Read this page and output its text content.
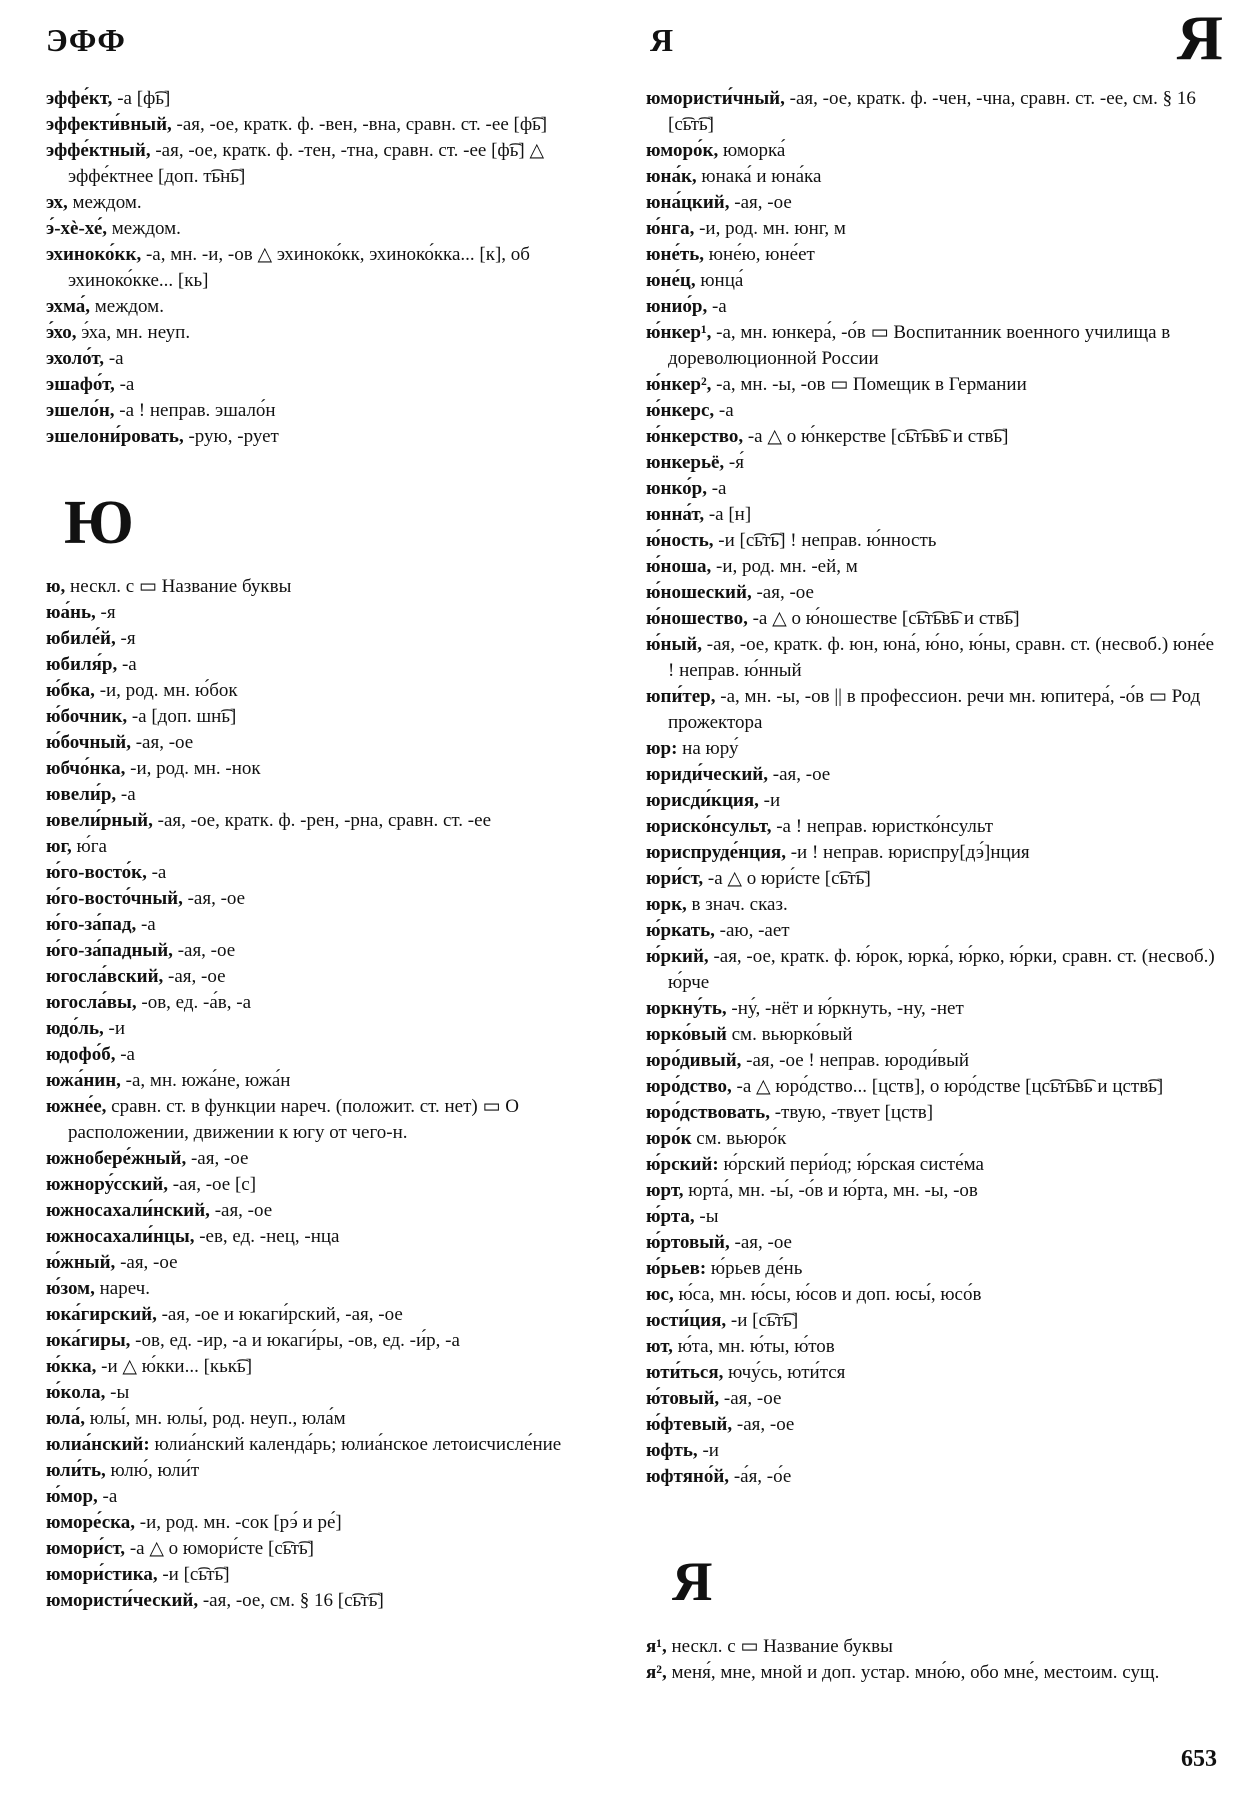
ЭФФ	Я	Я
эффе́кт, -а [ф͡ь]
эффекти́вный, -ая, -ое, кратк. ф. -вен, -вна, сравн. ст. -ее [ф͡ь]
эффе́ктный, -ая, -ое, кратк. ф. -тен, -тна, сравн. ст. -ее [ф͡ь] △ эффе́ктнее [доп. т͡ьн͡ь]
эх, междом.
э́-хѐ-хе́, междом.
эхиноко́кк, -а, мн. -и, -ов △ эхиноко́кк, эхиноко́кка... [к], об эхиноко́кке... [кь]
эхма́, междом.
э́хо, э́ха, мн. неуп.
эхоло́т, -а
эшафо́т, -а
эшело́н, -а ! неправ. эшало́н
эшелони́ровать, -рую, -рует
Ю
ю, нескл. с ▭ Название буквы
юа́нь, -я
юбиле́й, -я
юбиля́р, -а
ю́бка, -и, род. мн. ю́бок
ю́бочник, -а [доп. шн͡ь]
ю́бочный, -ая, -ое
юбчо́нка, -и, род. мн. -нок
ювели́р, -а
ювели́рный, -ая, -ое, кратк. ф. -рен, -рна, сравн. ст. -ее
юг, ю́га
ю́го-восто́к, -а
ю́го-восто́чный, -ая, -ое
ю́го-за́пад, -а
ю́го-за́падный, -ая, -ое
югосла́вский, -ая, -ое
югосла́вы, -ов, ед. -а́в, -а
юдо́ль, -и
юдофо́б, -а
южа́нин, -а, мн. южа́не, южа́н
южне́е, сравн. ст. в функции нареч. (положит. ст. нет) ▭ О расположении, движении к югу от чего-н.
южнобере́жный, -ая, -ое
южнору́сский, -ая, -ое [с]
южносахали́нский, -ая, -ое
южносахали́нцы, -ев, ед. -нец, -нца
ю́жный, -ая, -ое
ю́зом, нареч.
юка́гирский, -ая, -ое и юкаги́рский, -ая, -ое
юка́гиры, -ов, ед. -ир, -а и юкаги́ры, -ов, ед. -и́р, -а
ю́кка, -и △ ю́кки... [кьк͡ь]
ю́кола, -ы
юла́, юлы́, мн. юлы́, род. неуп., юла́м
юлиа́нский: юлиа́нский календа́рь; юлиа́нское летоисчисле́ние
юли́ть, юлю́, юли́т
ю́мор, -а
юмоpе́ска, -и, род. мн. -сок [рэ́ и ре́]
юмори́ст, -а △ о юмори́сте [с͡ьт͡ь]
юмори́стика, -и [с͡ьт͡ь]
юмористи́ческий, -ая, -ое, см. § 16 [с͡ьт͡ь]
юмористи́чный, -ая, -ое, кратк. ф. -чен, -чна, сравн. ст. -ее, см. § 16 [с͡ьт͡ь]
юморо́к, юморка́
юна́к, юнака́ и юна́ка
юна́цкий, -ая, -ое
ю́нга, -и, род. мн. юнг, м
юне́ть, юне́ю, юне́ет
юне́ц, юнца́
юнио́р, -а
ю́нкер¹, -а, мн. юнкера́, -о́в ▭ Воспитанник военного училища в дореволюционной России
ю́нкер², -а, мн. -ы, -ов ▭ Помещик в Германии
ю́нкерс, -а
ю́нкерство, -а △ о ю́нкерстве [с͡ьт͡ьв͡ь и ств͡ь]
юнкерьё, -я́
юнко́р, -а
юнна́т, -а [н]
ю́ность, -и [с͡ьт͡ь] ! неправ. ю́нность
ю́ноша, -и, род. мн. -ей, м
ю́ношеский, -ая, -ое
ю́ношество, -а △ о ю́ношестве [с͡ьт͡ьв͡ь и ств͡ь]
ю́ный, -ая, -ое, кратк. ф. юн, юна́, ю́но, ю́ны, сравн. ст. (несвоб.) юне́е ! неправ. ю́нный
юпи́тер, -а, мн. -ы, -ов || в профессион. речи мн. юпитера́, -о́в ▭ Род прожектора
юр: на юру́
юриди́ческий, -ая, -ое
юрисди́кция, -и
юриско́нсульт, -а ! неправ. юристко́нсульт
юриспруде́нция, -и ! неправ. юриспру[дэ́]нция
юри́ст, -а △ о юри́сте [с͡ьт͡ь]
юрк, в знач. сказ.
ю́ркать, -аю, -ает
ю́ркий, -ая, -ое, кратк. ф. ю́рок, юрка́, ю́рко, ю́рки, сравн. ст. (несвоб.) ю́рче
юркну́ть, -ну́, -нёт и ю́ркнуть, -ну, -нет
юрко́вый см. вьюрко́вый
юро́дивый, -ая, -ое ! неправ. юроди́вый
юро́дство, -а △ юро́дство... [цств], о юро́дстве [цс͡ьт͡ьв͡ь и цств͡ь]
юро́дствовать, -твую, -твует [цств]
юро́к см. вьюро́к
ю́рский: ю́рский пери́од; ю́рская систе́ма
юрт, юрта́, мн. -ы́, -о́в и ю́рта, мн. -ы, -ов
ю́рта, -ы
ю́ртовый, -ая, -ое
ю́рьев: ю́рьев де́нь
юс, ю́са, мн. ю́сы, ю́сов и доп. юсы́, юсо́в
юсти́ция, -и [с͡ьт͡ь]
ют, ю́та, мн. ю́ты, ю́тов
юти́ться, ючу́сь, юти́тся
ю́товый, -ая, -ое
ю́фтевый, -ая, -ое
юфть, -и
юфтяно́й, -а́я, -о́е
Я
я¹, нескл. с ▭ Название буквы
я², меня́, мне, мной и доп. устар. мно́ю, обо мне́, местоим. сущ.
653
